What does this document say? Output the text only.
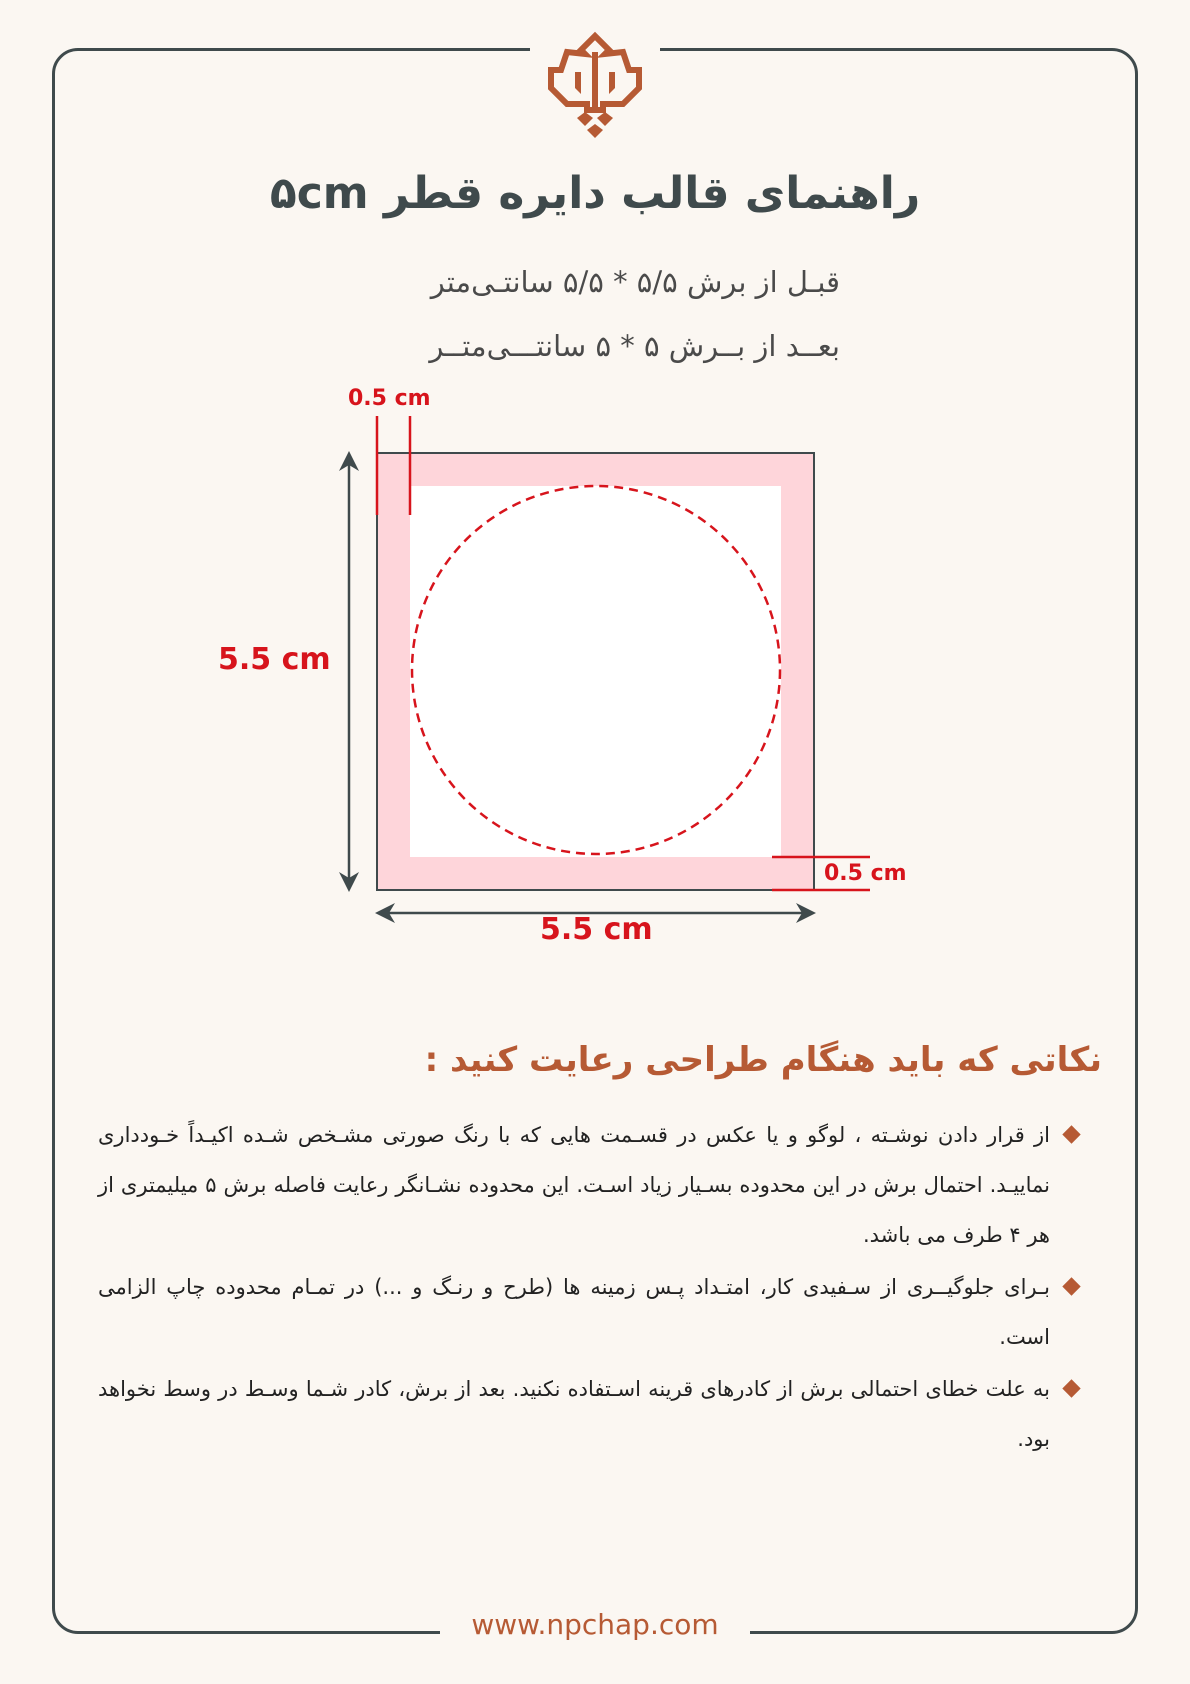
راهنمای قالب دایره قطر ۵cm
قبـل از برش ۵/۵ * ۵/۵ سانتـی‌متر
بعــد از بــرش ۵ * ۵ سانتـــی‌متــر
0.5 cm
0.5 cm
5.5 cm
5.5 cm
نکاتی که باید هنگام طراحی رعایت کنید :
از قرار دادن نوشـته ، لوگو و یا عکس در قسـمت هایی که با رنگ صورتی مشـخص شـده اکیـداً خـودداری نماییـد. احتمال برش در این محدوده بسـیار زیاد اسـت. این محدوده نشـانگر رعایت فاصله برش ۵ میلیمتری از هر ۴ طرف می باشد.
بـرای جلوگیــری از سـفیدی کار، امتـداد پـس زمینه ها (طرح و رنـگ و ...) در تمـام محدوده چاپ الزامی است.
به علت خطای احتمالی برش از کادرهای قرینه اسـتفاده نکنید. بعد از برش، کادر شـما وسـط در وسط نخواهد بود.
www.npchap.com
